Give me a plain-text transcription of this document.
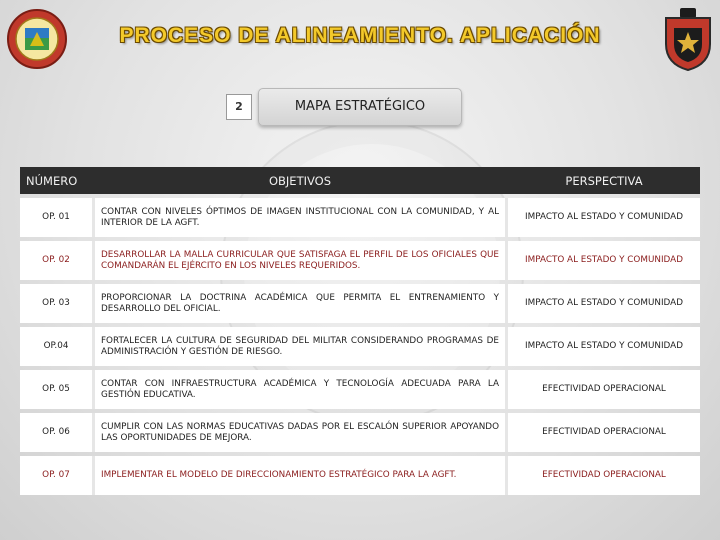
PROCESO DE ALINEAMIENTO. APLICACIÓN
2	MAPA ESTRATÉGICO
NÚMERO	OBJETIVOS	PERSPECTIVA
OP. 01	CONTAR CON NIVELES ÓPTIMOS DE IMAGEN INSTITUCIONAL CON LA COMUNIDAD, Y AL INTERIOR DE LA AGFT.	IMPACTO AL ESTADO Y COMUNIDAD
OP. 02	DESARROLLAR LA MALLA CURRICULAR QUE SATISFAGA EL PERFIL DE LOS OFICIALES QUE COMANDARÁN EL EJÉRCITO EN LOS NIVELES REQUERIDOS.	IMPACTO AL ESTADO Y COMUNIDAD
OP. 03	PROPORCIONAR LA DOCTRINA ACADÉMICA QUE PERMITA EL ENTRENAMIENTO Y DESARROLLO DEL OFICIAL.	IMPACTO AL ESTADO Y COMUNIDAD
OP.04	FORTALECER LA CULTURA DE SEGURIDAD DEL MILITAR CONSIDERANDO PROGRAMAS DE ADMINISTRACIÓN Y GESTIÓN DE RIESGO.	IMPACTO AL ESTADO Y COMUNIDAD
OP. 05	CONTAR CON INFRAESTRUCTURA ACADÉMICA Y TECNOLOGÍA ADECUADA PARA LA GESTIÓN EDUCATIVA.	EFECTIVIDAD OPERACIONAL
OP. 06	CUMPLIR CON LAS NORMAS EDUCATIVAS DADAS POR EL ESCALÓN SUPERIOR APOYANDO LAS OPORTUNIDADES DE MEJORA.	EFECTIVIDAD OPERACIONAL
OP. 07	IMPLEMENTAR EL MODELO DE DIRECCIONAMIENTO ESTRATÉGICO PARA LA AGFT.	EFECTIVIDAD OPERACIONAL
